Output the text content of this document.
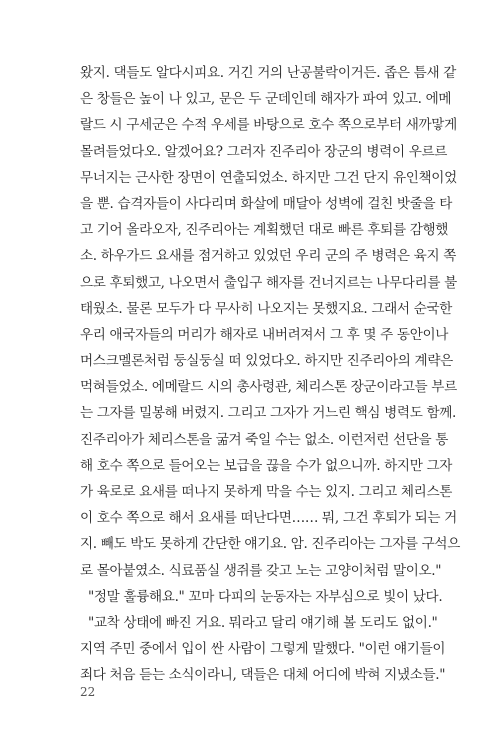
왔지. 댁들도 알다시피요. 거긴 거의 난공불락이거든. 좁은 틈새 같
은 창들은 높이 나 있고, 문은 두 군데인데 해자가 파여 있고. 에메
랄드 시 구세군은 수적 우세를 바탕으로 호수 쪽으로부터 새까맣게
몰려들었다오. 알겠어요? 그러자 진주리아 장군의 병력이 우르르
무너지는 근사한 장면이 연출되었소. 하지만 그건 단지 유인책이었
을 뿐. 습격자들이 사다리며 화살에 매달아 성벽에 걸친 밧줄을 타
고 기어 올라오자, 진주리아는 계획했던 대로 빠른 후퇴를 감행했
소. 하우가드 요새를 점거하고 있었던 우리 군의 주 병력은 육지 쪽
으로 후퇴했고, 나오면서 출입구 해자를 건너지르는 나무다리를 불
태웠소. 물론 모두가 다 무사히 나오지는 못했지요. 그래서 순국한
우리 애국자들의 머리가 해자로 내버려져서 그 후 몇 주 동안이나
머스크멜론처럼 둥실둥실 떠 있었다오. 하지만 진주리아의 계략은
먹혀들었소. 에메랄드 시의 총사령관, 체리스톤 장군이라고들 부르
는 그자를 밀봉해 버렸지. 그리고 그자가 거느린 핵심 병력도 함께.
진주리아가 체리스톤을 굶겨 죽일 수는 없소. 이런저런 선단을 통
해 호수 쪽으로 들어오는 보급을 끊을 수가 없으니까. 하지만 그자
가 육로로 요새를 떠나지 못하게 막을 수는 있지. 그리고 체리스톤
이 호수 쪽으로 해서 요새를 떠난다면…… 뭐, 그건 후퇴가 되는 거
지. 빼도 박도 못하게 간단한 얘기요. 암. 진주리아는 그자를 구석으
로 몰아붙였소. 식료품실 생쥐를 갖고 노는 고양이처럼 말이오."
"정말 훌륭해요." 꼬마 다피의 눈동자는 자부심으로 빛이 났다.
"교착 상태에 빠진 거요. 뭐라고 달리 얘기해 볼 도리도 없이."
지역 주민 중에서 입이 싼 사람이 그렇게 말했다. "이런 얘기들이
죄다 처음 듣는 소식이라니, 댁들은 대체 어디에 박혀 지냈소들."
22
